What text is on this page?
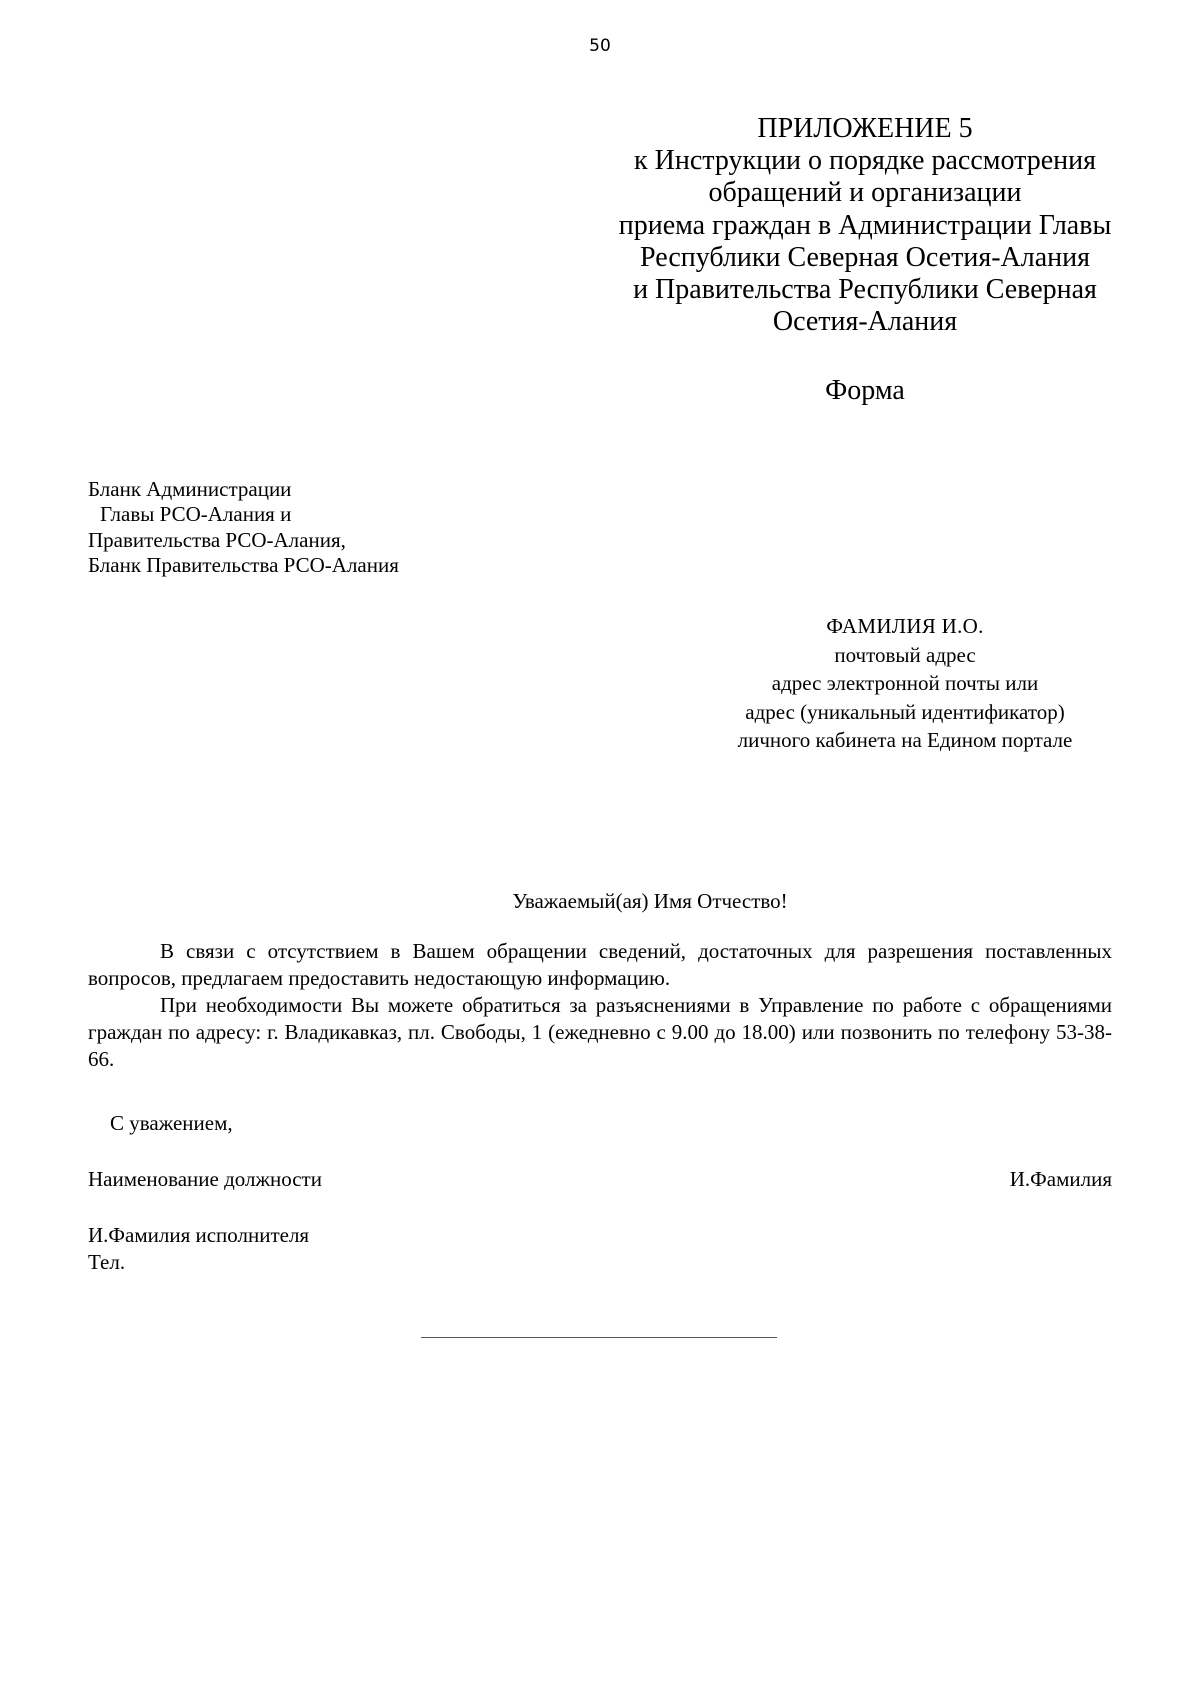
50
ПРИЛОЖЕНИЕ 5
к Инструкции о порядке рассмотрения
обращений и организации
приема граждан в Администрации Главы
Республики Северная Осетия-Алания
и Правительства Республики Северная
Осетия-Алания
Форма
Бланк Администрации
Главы РСО-Алания и
Правительства РСО-Алания,
Бланк Правительства РСО-Алания
ФАМИЛИЯ И.О.
почтовый адрес
адрес электронной почты или
адрес (уникальный идентификатор)
личного кабинета на Едином портале
Уважаемый(ая) Имя Отчество!

В связи с отсутствием в Вашем обращении сведений, достаточных для разрешения поставленных вопросов, предлагаем предоставить недостающую информацию.

При необходимости Вы можете обратиться за разъяснениями в Управление по работе с обращениями граждан по адресу: г. Владикавказ, пл. Свободы, 1 (ежедневно с 9.00 до 18.00) или позвонить по телефону 53-38-66.

С уважением,
Наименование должности	И.Фамилия
И.Фамилия исполнителя
Тел.
